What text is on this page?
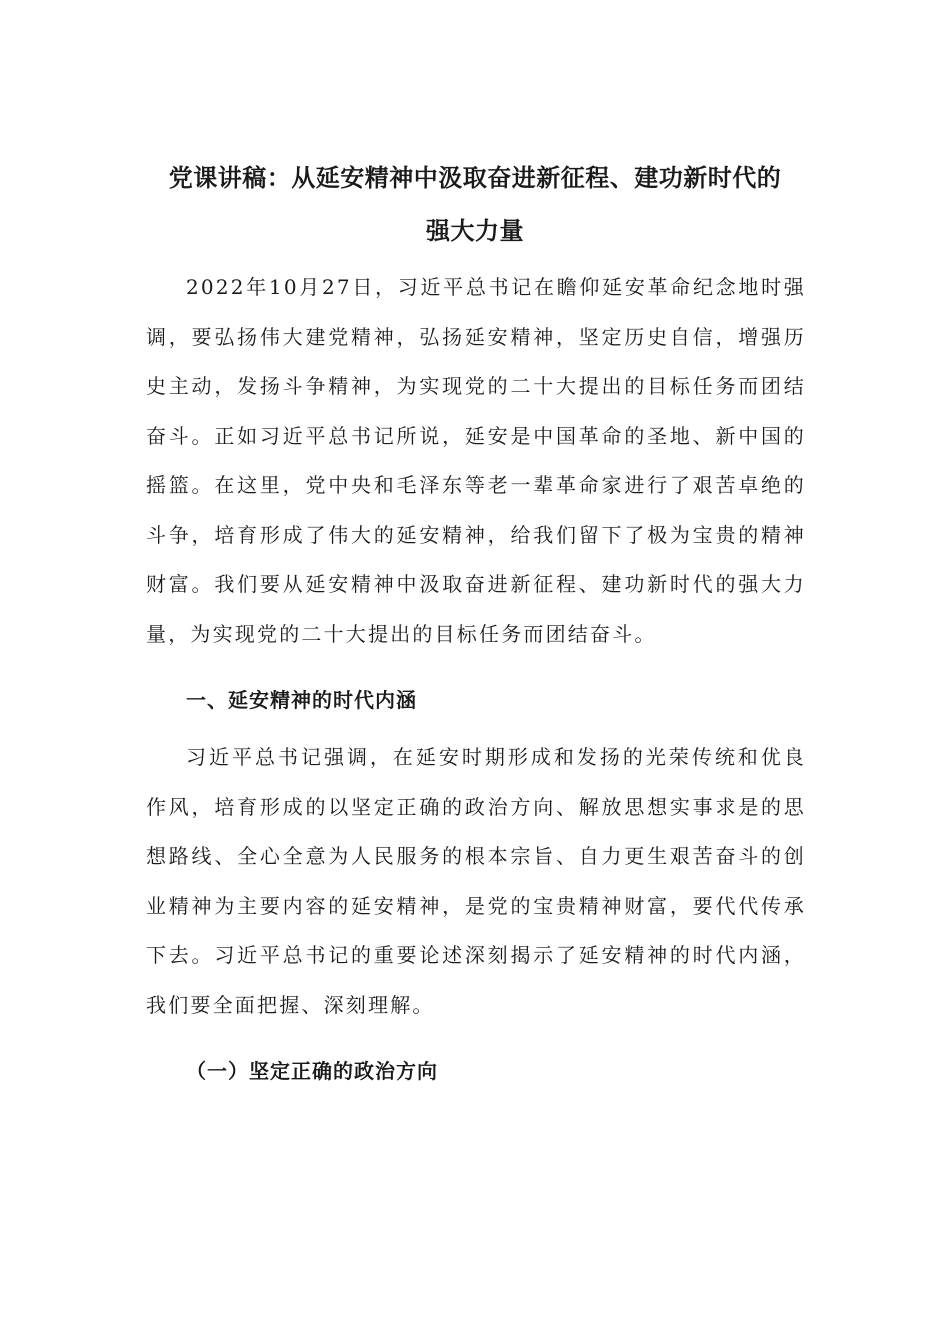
党课讲稿：从延安精神中汲取奋进新征程、建功新时代的
强大力量

2022年10月27日，习近平总书记在瞻仰延安革命纪念地时强调，要弘扬伟大建党精神，弘扬延安精神，坚定历史自信，增强历史主动，发扬斗争精神，为实现党的二十大提出的目标任务而团结奋斗。正如习近平总书记所说，延安是中国革命的圣地、新中国的摇篮。在这里，党中央和毛泽东等老一辈革命家进行了艰苦卓绝的斗争，培育形成了伟大的延安精神，给我们留下了极为宝贵的精神财富。我们要从延安精神中汲取奋进新征程、建功新时代的强大力量，为实现党的二十大提出的目标任务而团结奋斗。

一、延安精神的时代内涵

习近平总书记强调，在延安时期形成和发扬的光荣传统和优良作风，培育形成的以坚定正确的政治方向、解放思想实事求是的思想路线、全心全意为人民服务的根本宗旨、自力更生艰苦奋斗的创业精神为主要内容的延安精神，是党的宝贵精神财富，要代代传承下去。习近平总书记的重要论述深刻揭示了延安精神的时代内涵，我们要全面把握、深刻理解。

（一）坚定正确的政治方向
